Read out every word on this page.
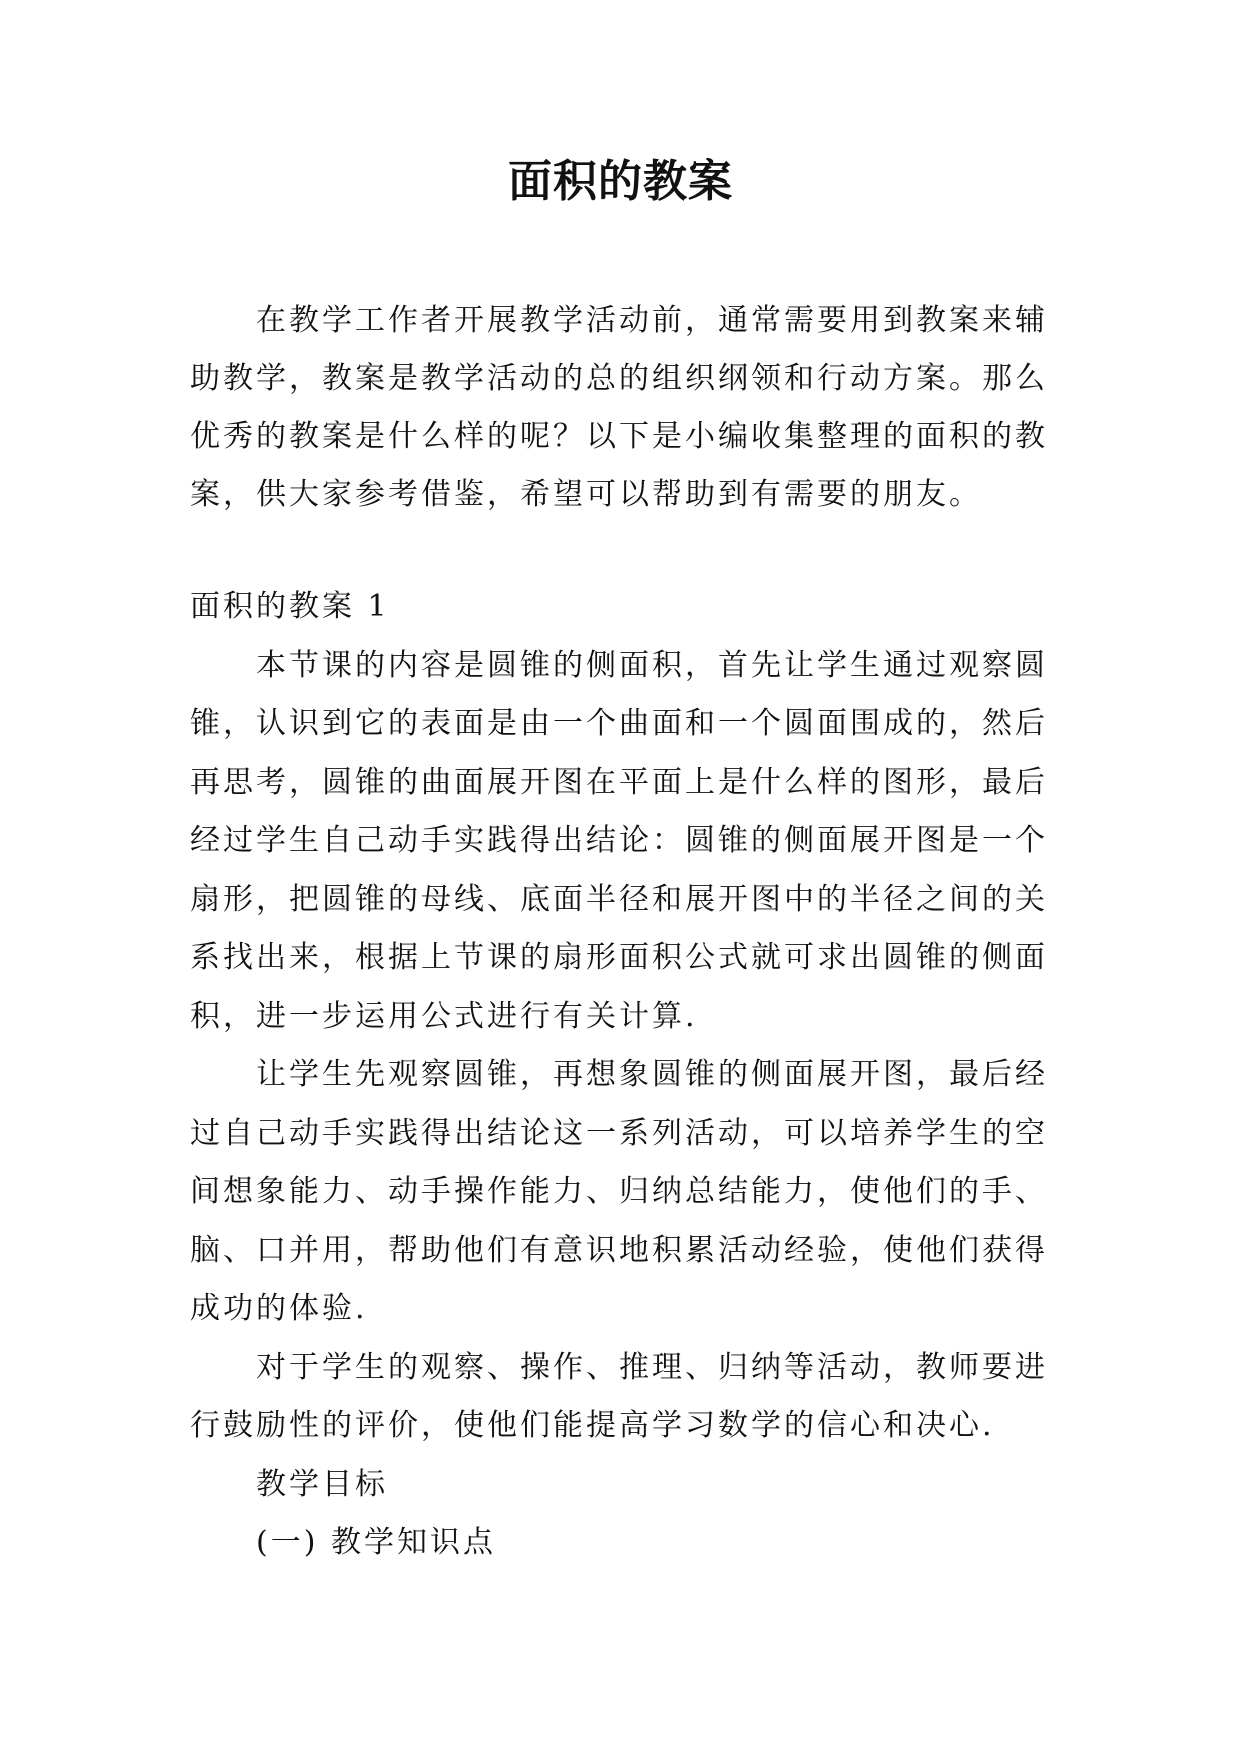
面积的教案

在教学工作者开展教学活动前，通常需要用到教案来辅助教学，教案是教学活动的总的组织纲领和行动方案。那么优秀的教案是什么样的呢？以下是小编收集整理的面积的教案，供大家参考借鉴，希望可以帮助到有需要的朋友。

面积的教案 1

本节课的内容是圆锥的侧面积，首先让学生通过观察圆锥，认识到它的表面是由一个曲面和一个圆面围成的，然后再思考，圆锥的曲面展开图在平面上是什么样的图形，最后经过学生自己动手实践得出结论：圆锥的侧面展开图是一个扇形，把圆锥的母线、底面半径和展开图中的半径之间的关系找出来，根据上节课的扇形面积公式就可求出圆锥的侧面积，进一步运用公式进行有关计算.

让学生先观察圆锥，再想象圆锥的侧面展开图，最后经过自己动手实践得出结论这一系列活动，可以培养学生的空间想象能力、动手操作能力、归纳总结能力，使他们的手、脑、口并用，帮助他们有意识地积累活动经验，使他们获得成功的体验.

对于学生的观察、操作、推理、归纳等活动，教师要进行鼓励性的评价，使他们能提高学习数学的信心和决心.

教学目标

(一) 教学知识点
